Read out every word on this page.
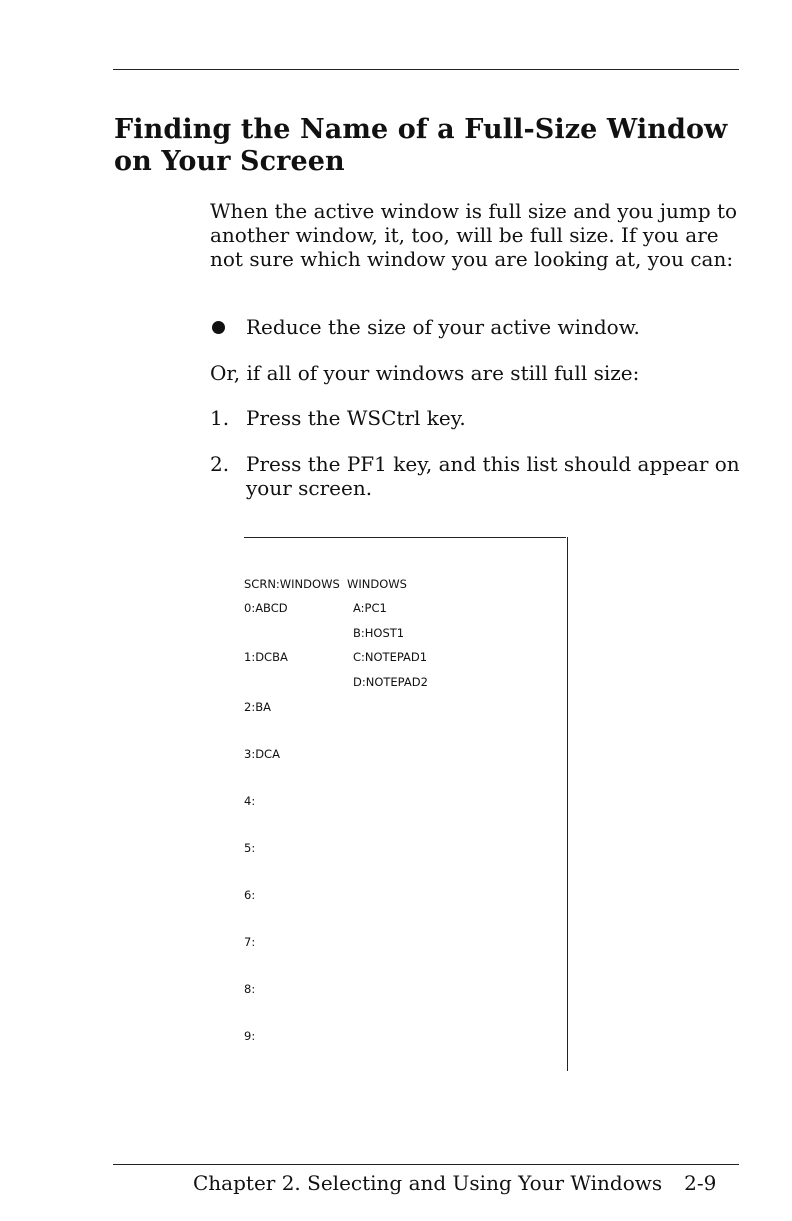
Finding the Name of a Full-Size Window on Your Screen

When the active window is full size and you jump to another window, it, too, will be full size. If you are not sure which window you are looking at, you can:

Reduce the size of your active window.

Or, if all of your windows are still full size:

1. Press the WSCtrl key.
2. Press the PF1 key, and this list should appear on your screen.
SCRN:WINDOWS WINDOWS
0:ABCD	A:PC1
B:HOST1
1:DCBA	C:NOTEPAD1
D:NOTEPAD2
2:BA
3:DCA
4:
5:
6:
7:
8:
9:
Chapter 2. Selecting and Using Your Windows 2-9
